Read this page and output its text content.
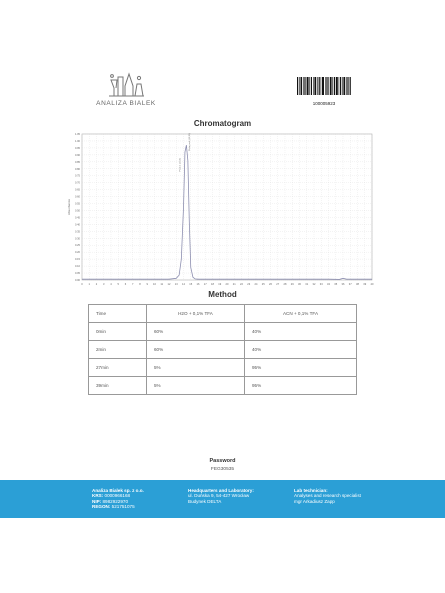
ANALIZA BIALEK	100005923
Chromatogram
0 1 2 3 4 5 6 7 8 9 10 11 12 13 14 15 16 17 18 19 20 21 22 23 24 25 26 27 28 29 30 31 32 33 34 35 36 37 38 39 40
0.00
0.05
0.10
0.15
0.20
0.25
0.30
0.35
0.40
0.45
0.50
0.55
0.60
0.65
0.70
0.75
0.80
0.85
0.90
0.95
1.00
1.05
Absorbance
Peak 1 (1.54)
Main peak (16.83)
Method
Time	H2O + 0,1% TFA	ACN + 0,1% TFA
0min	60%	40%
2min	60%	40%
27min	5%	95%
39min	5%	95%
Password
FEG30535
Analiza Bialek sp. z o.o.
KRS: 0000966168
NIP: 8982922970
REGON: 521751075
Headquarters and Laboratory:
ul. Duńska 9, 54-427 Wrocław
Budynek DELTA
Lab technician:
Analyses and research specialist
mgr Arkadiusz Zapp
